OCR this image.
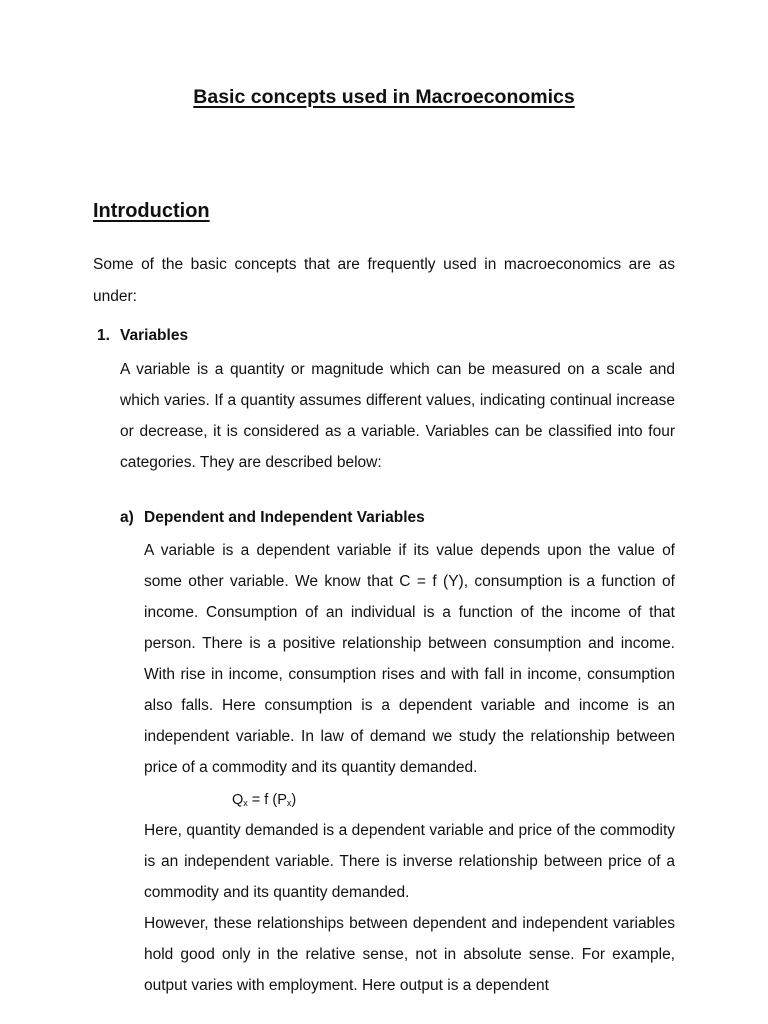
Basic concepts used in Macroeconomics
Introduction

Some of the basic concepts that are frequently used in macroeconomics are as under:

1. Variables

A variable is a quantity or magnitude which can be measured on a scale and which varies. If a quantity assumes different values, indicating continual increase or decrease, it is considered as a variable. Variables can be classified into four categories. They are described below:

a) Dependent and Independent Variables

A variable is a dependent variable if its value depends upon the value of some other variable. We know that C = f (Y), consumption is a function of income. Consumption of an individual is a function of the income of that person. There is a positive relationship between consumption and income. With rise in income, consumption rises and with fall in income, consumption also falls. Here consumption is a dependent variable and income is an independent variable. In law of demand we study the relationship between price of a commodity and its quantity demanded.

$Q_x = f$ $(P_x)$

Here, quantity demanded is a dependent variable and price of the commodity is an independent variable. There is inverse relationship between price of a commodity and its quantity demanded.

However, these relationships between dependent and independent variables hold good only in the relative sense, not in absolute sense. For example, output varies with employment. Here output is a dependent
